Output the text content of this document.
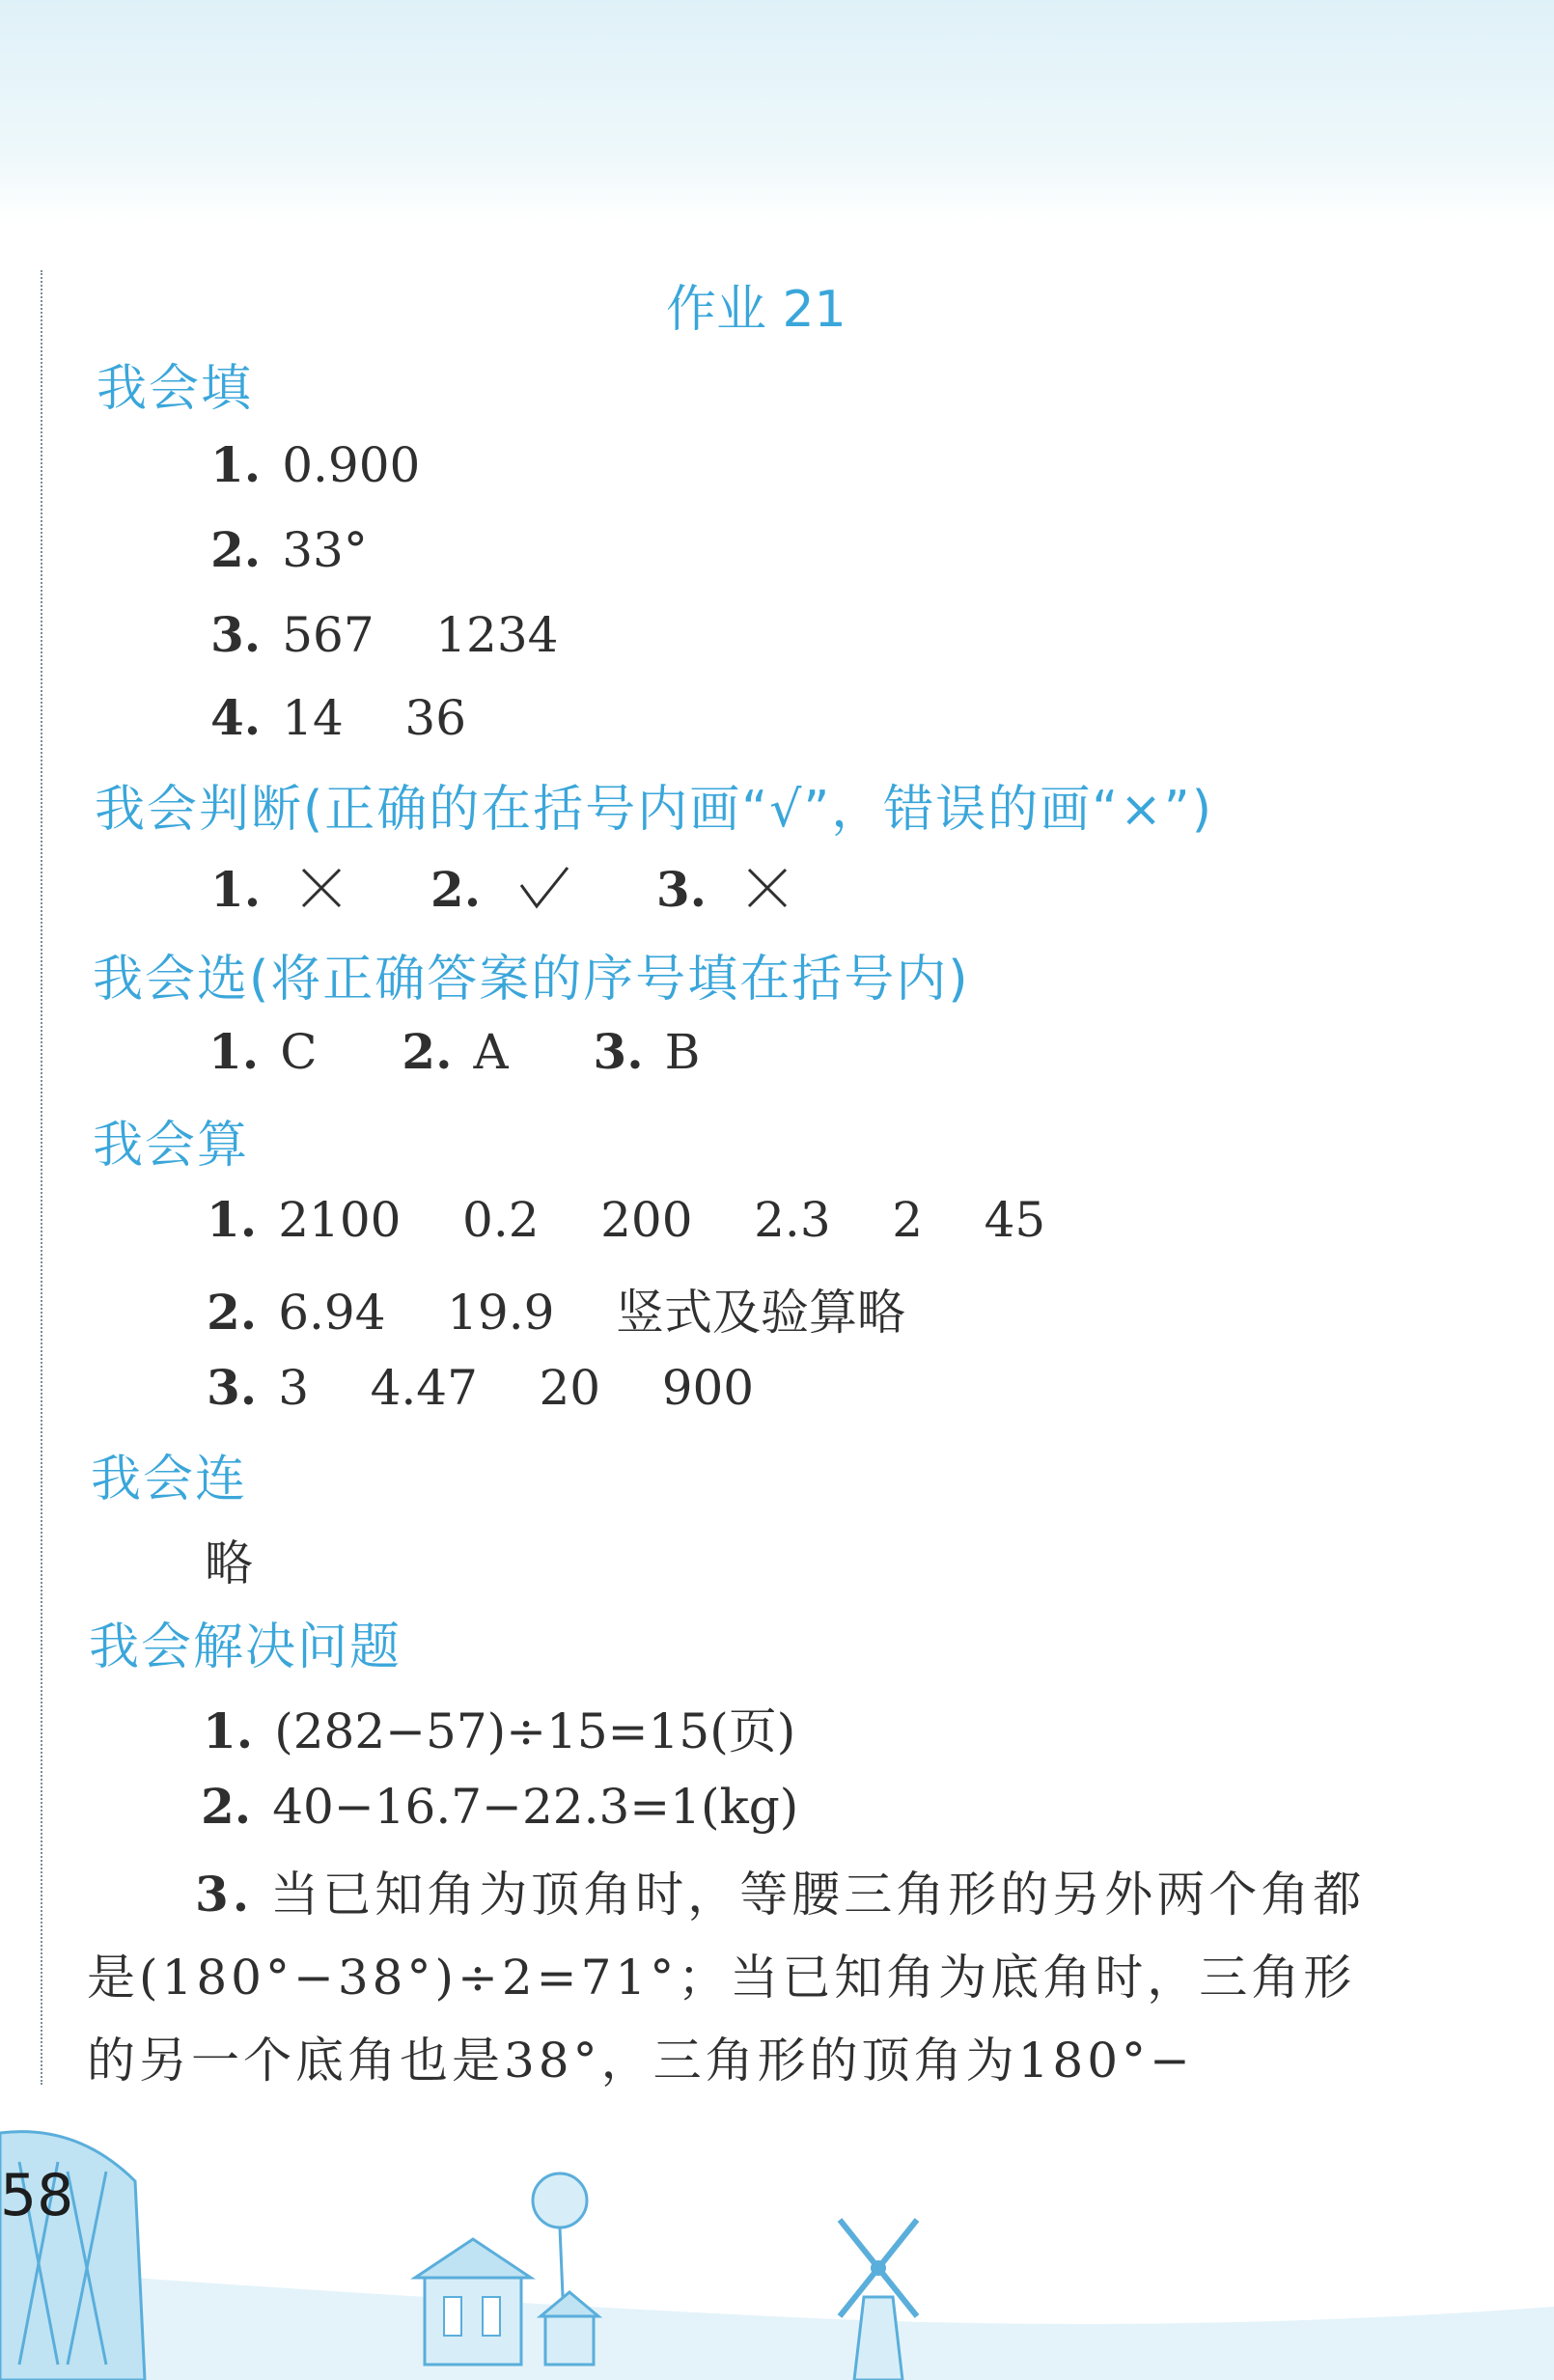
作业 21
我会填
1. 0.900
2. 33°
3. 567    1234
4. 14    36
我会判断(正确的在括号内画“√”，错误的画“×”)
1.	2.	3.
我会选(将正确答案的序号填在括号内)
1. C 2. A 3. B
我会算
1. 2100    0.2    200    2.3    2    45
2. 6.94    19.9    竖式及验算略
3. 3    4.47    20    900
我会连
略
我会解决问题
1. (282−57)÷15=15(页)
2. 40−16.7−22.3=1(kg)
3. 当已知角为顶角时，等腰三角形的另外两个角都是(180°−38°)÷2=71°；当已知角为底角时，三角形的另一个底角也是38°，三角形的顶角为180°−
58
